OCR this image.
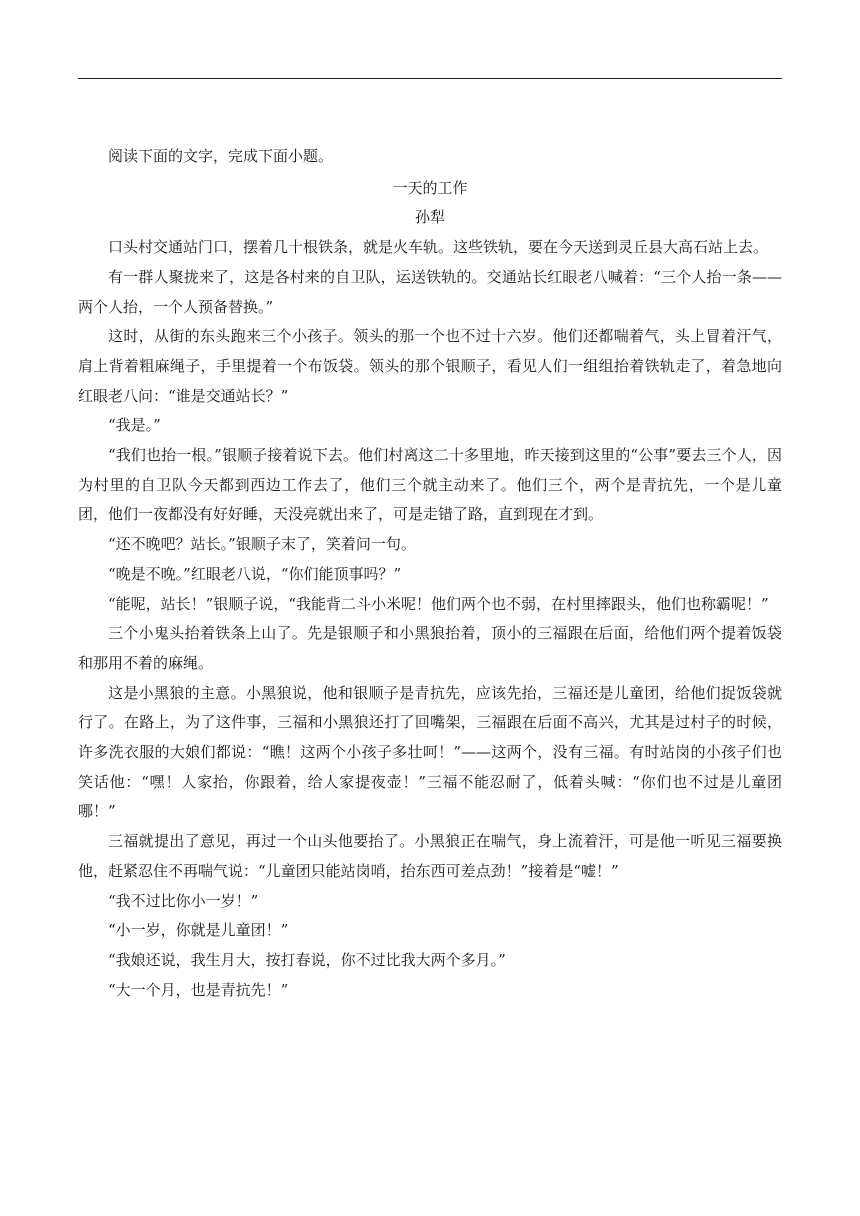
阅读下面的文字，完成下面小题。

一天的工作

孙犁

口头村交通站门口，摆着几十根铁条，就是火车轨。这些铁轨，要在今天送到灵丘县大高石站上去。

有一群人聚拢来了，这是各村来的自卫队，运送铁轨的。交通站长红眼老八喊着：“三个人抬一条——两个人抬，一个人预备替换。”

这时，从街的东头跑来三个小孩子。领头的那一个也不过十六岁。他们还都喘着气，头上冒着汗气，肩上背着粗麻绳子，手里提着一个布饭袋。领头的那个银顺子，看见人们一组组抬着铁轨走了，着急地向红眼老八问：“谁是交通站长？”

“我是。”

“我们也抬一根。”银顺子接着说下去。他们村离这二十多里地，昨天接到这里的“公事”要去三个人，因为村里的自卫队今天都到西边工作去了，他们三个就主动来了。他们三个，两个是青抗先，一个是儿童团，他们一夜都没有好好睡，天没亮就出来了，可是走错了路，直到现在才到。

“还不晚吧？站长。”银顺子末了，笑着问一句。

“晚是不晚。”红眼老八说，“你们能顶事吗？”

“能呢，站长！”银顺子说，“我能背二斗小米呢！他们两个也不弱，在村里摔跟头，他们也称霸呢！”

三个小鬼头抬着铁条上山了。先是银顺子和小黑狼抬着，顶小的三福跟在后面，给他们两个提着饭袋和那用不着的麻绳。

这是小黑狼的主意。小黑狼说，他和银顺子是青抗先，应该先抬，三福还是儿童团，给他们捉饭袋就行了。在路上，为了这件事，三福和小黑狼还打了回嘴架，三福跟在后面不高兴，尤其是过村子的时候，许多洗衣服的大娘们都说：“瞧！这两个小孩子多壮呵！”——这两个，没有三福。有时站岗的小孩子们也笑话他：“嘿！人家抬，你跟着，给人家提夜壶！”三福不能忍耐了，低着头喊：“你们也不过是儿童团哪！”

三福就提出了意见，再过一个山头他要抬了。小黑狼正在喘气，身上流着汗，可是他一听见三福要换他，赶紧忍住不再喘气说：“儿童团只能站岗哨，抬东西可差点劲！”接着是“嘘！”

“我不过比你小一岁！”

“小一岁，你就是儿童团！”

“我娘还说，我生月大，按打春说，你不过比我大两个多月。”

“大一个月，也是青抗先！”
